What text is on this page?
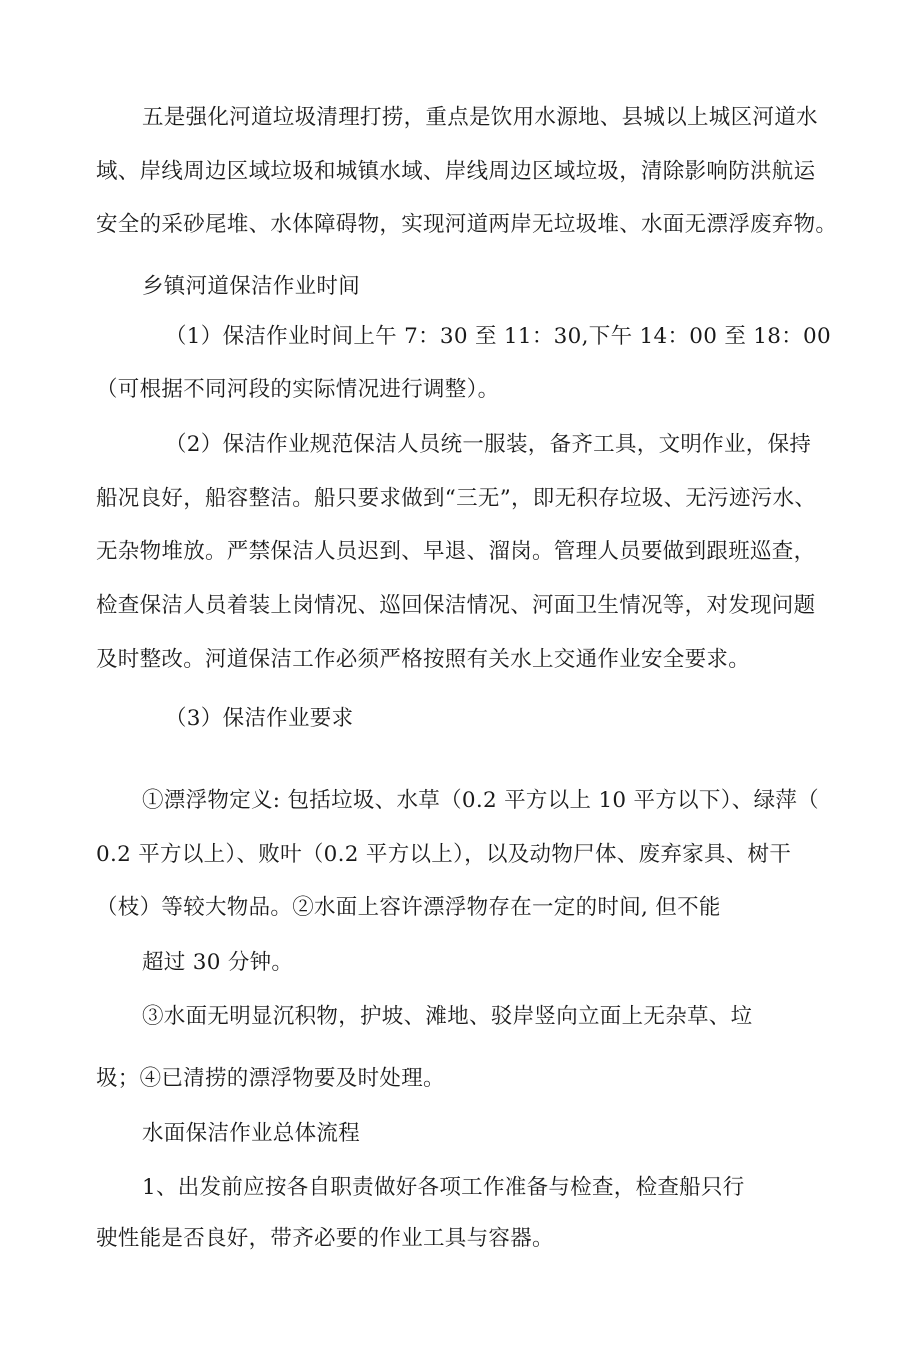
五是强化河道垃圾清理打捞，重点是饮用水源地、县城以上城区河道水
域、岸线周边区域垃圾和城镇水域、岸线周边区域垃圾，清除影响防洪航运
安全的采砂尾堆、水体障碍物，实现河道两岸无垃圾堆、水面无漂浮废弃物。
乡镇河道保洁作业时间
（1）保洁作业时间上午 7：30 至 11：30,下午 14：00 至 18：00
（可根据不同河段的实际情况进行调整）。
（2）保洁作业规范保洁人员统一服装，备齐工具，文明作业，保持
船况良好，船容整洁。船只要求做到“三无”，即无积存垃圾、无污迹污水、
无杂物堆放。严禁保洁人员迟到、早退、溜岗。管理人员要做到跟班巡查，
检查保洁人员着装上岗情况、巡回保洁情况、河面卫生情况等，对发现问题
及时整改。河道保洁工作必须严格按照有关水上交通作业安全要求。
（3）保洁作业要求
①漂浮物定义: 包括垃圾、水草（0.2 平方以上 10 平方以下）、绿萍（
0.2 平方以上）、败叶（0.2 平方以上），以及动物尸体、废弃家具、树干
（枝）等较大物品。②水面上容许漂浮物存在一定的时间, 但不能
超过 30 分钟。
③水面无明显沉积物，护坡、滩地、驳岸竖向立面上无杂草、垃
圾；④已清捞的漂浮物要及时处理。
水面保洁作业总体流程
1、出发前应按各自职责做好各项工作准备与检查，检查船只行
驶性能是否良好，带齐必要的作业工具与容器。
